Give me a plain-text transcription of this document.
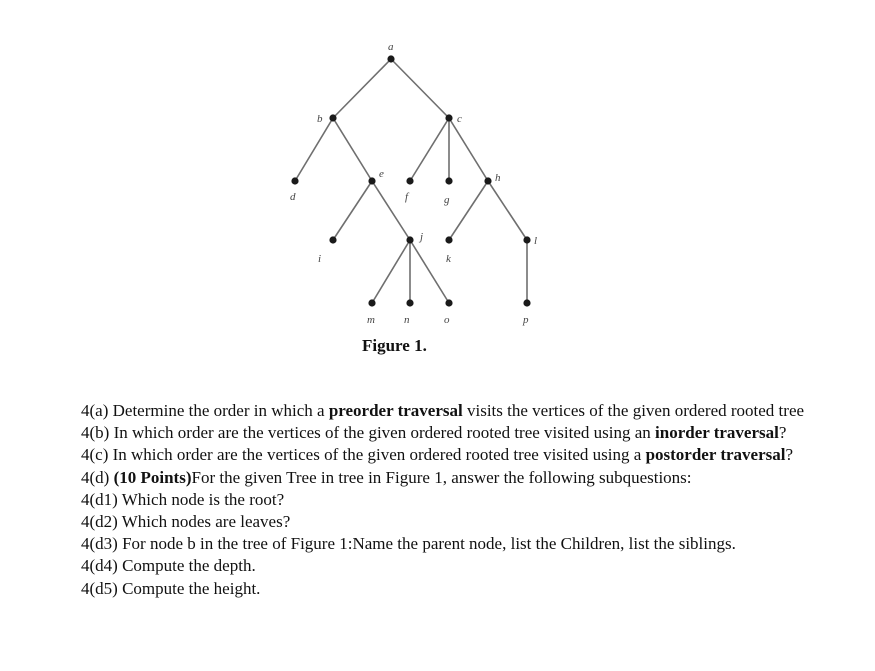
a
b	c
d
e
f	g
h
i
j
k
l
m	n	o	p
Figure 1.

4(a) Determine the order in which a preorder traversal visits the vertices of the given ordered rooted tree

4(b) In which order are the vertices of the given ordered rooted tree visited using an inorder traversal?

4(c) In which order are the vertices of the given ordered rooted tree visited using a postorder traversal?

4(d) (10 Points)For the given Tree in tree in Figure 1, answer the following subquestions:

4(d1) Which node is the root?

4(d2) Which nodes are leaves?

4(d3) For node b in the tree of Figure 1:Name the parent node, list the Children, list the siblings.

4(d4) Compute the depth.

4(d5) Compute the height.
